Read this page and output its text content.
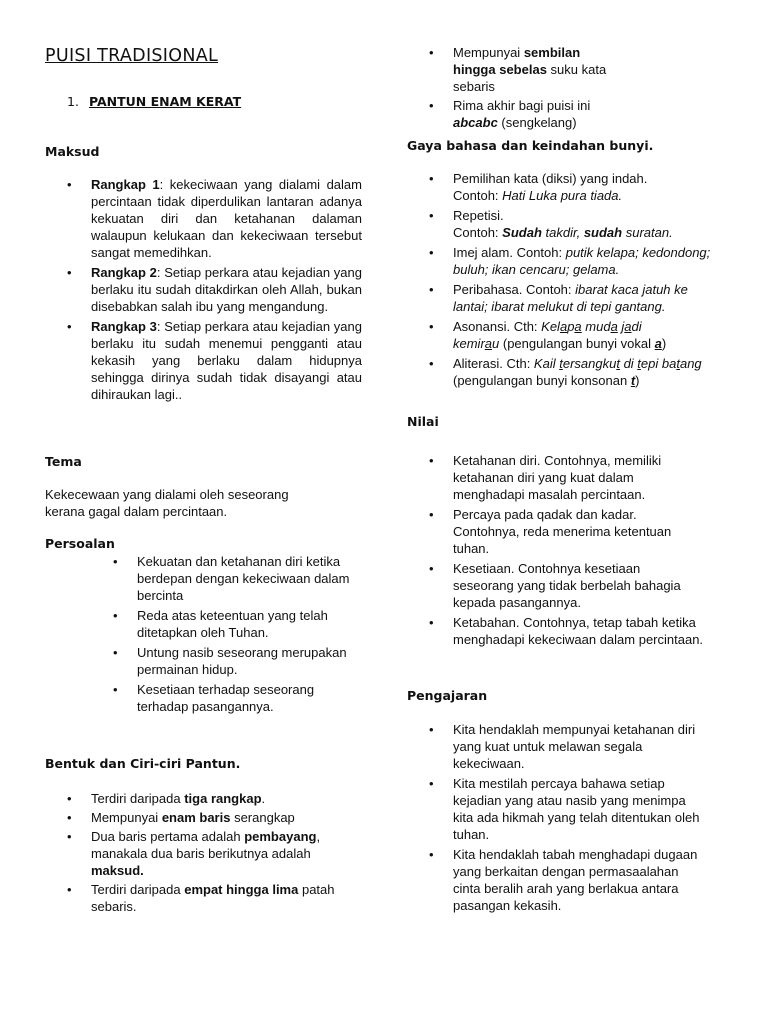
PUISI TRADISIONAL

1. PANTUN ENAM KERAT

Maksud
• Rangkap 1: kekeciwaan yang dialami dalam percintaan tidak diperdulikan lantaran adanya kekuatan diri dan ketahanan dalaman walaupun kelukaan dan kekeciwaan tersebut sangat memedihkan.
• Rangkap 2: Setiap perkara atau kejadian yang berlaku itu sudah ditakdirkan oleh Allah, bukan disebabkan salah ibu yang mengandung.
• Rangkap 3: Setiap perkara atau kejadian yang berlaku itu sudah menemui pengganti atau kekasih yang berlaku dalam hidupnya sehingga dirinya sudah tidak disayangi atau dihiraukan lagi..
Tema

Kekecewaan yang dialami oleh seseorang kerana gagal dalam percintaan.

Persoalan
• Kekuatan dan ketahanan diri ketika berdepan dengan kekeciwaan dalam bercinta
• Reda atas keteentuan yang telah ditetapkan oleh Tuhan.
• Untung nasib seseorang merupakan permainan hidup.
• Kesetiaan terhadap seseorang terhadap pasangannya.
Bentuk dan Ciri-ciri Pantun.
• Terdiri daripada tiga rangkap.
• Mempunyai enam baris serangkap
• Dua baris pertama adalah pembayang, manakala dua baris berikutnya adalah maksud.
• Terdiri daripada empat hingga lima patah sebaris.
• Mempunyai sembilan hingga sebelas suku kata sebaris
• Rima akhir bagi puisi ini abcabc (sengkelang)
Gaya bahasa dan keindahan bunyi.
• Pemilihan kata (diksi) yang indah. Contoh: Hati Luka pura tiada.
• Repetisi.
Contoh: Sudah takdir, sudah suratan.
• Imej alam. Contoh: putik kelapa; kedondong; buluh; ikan cencaru; gelama.
• Peribahasa. Contoh: ibarat kaca jatuh ke lantai; ibarat melukut di tepi gantang.
• Asonansi. Cth: Kelapa muda jadi kemirau (pengulangan bunyi vokal a)
• Aliterasi. Cth: Kail tersangkut di tepi batang (pengulangan bunyi konsonan t)
Nilai
• Ketahanan diri. Contohnya, memiliki ketahanan diri yang kuat dalam menghadapi masalah percintaan.
• Percaya pada qadak dan kadar. Contohnya, reda menerima ketentuan tuhan.
• Kesetiaan. Contohnya kesetiaan seseorang yang tidak berbelah bahagia kepada pasangannya.
• Ketabahan. Contohnya, tetap tabah ketika menghadapi kekeciwaan dalam percintaan.
Pengajaran
• Kita hendaklah mempunyai ketahanan diri yang kuat untuk melawan segala kekeciwaan.
• Kita mestilah percaya bahawa setiap kejadian yang atau nasib yang menimpa kita ada hikmah yang telah ditentukan oleh tuhan.
• Kita hendaklah tabah menghadapi dugaan yang berkaitan dengan permasaalahan cinta beralih arah yang berlakua antara pasangan kekasih.
